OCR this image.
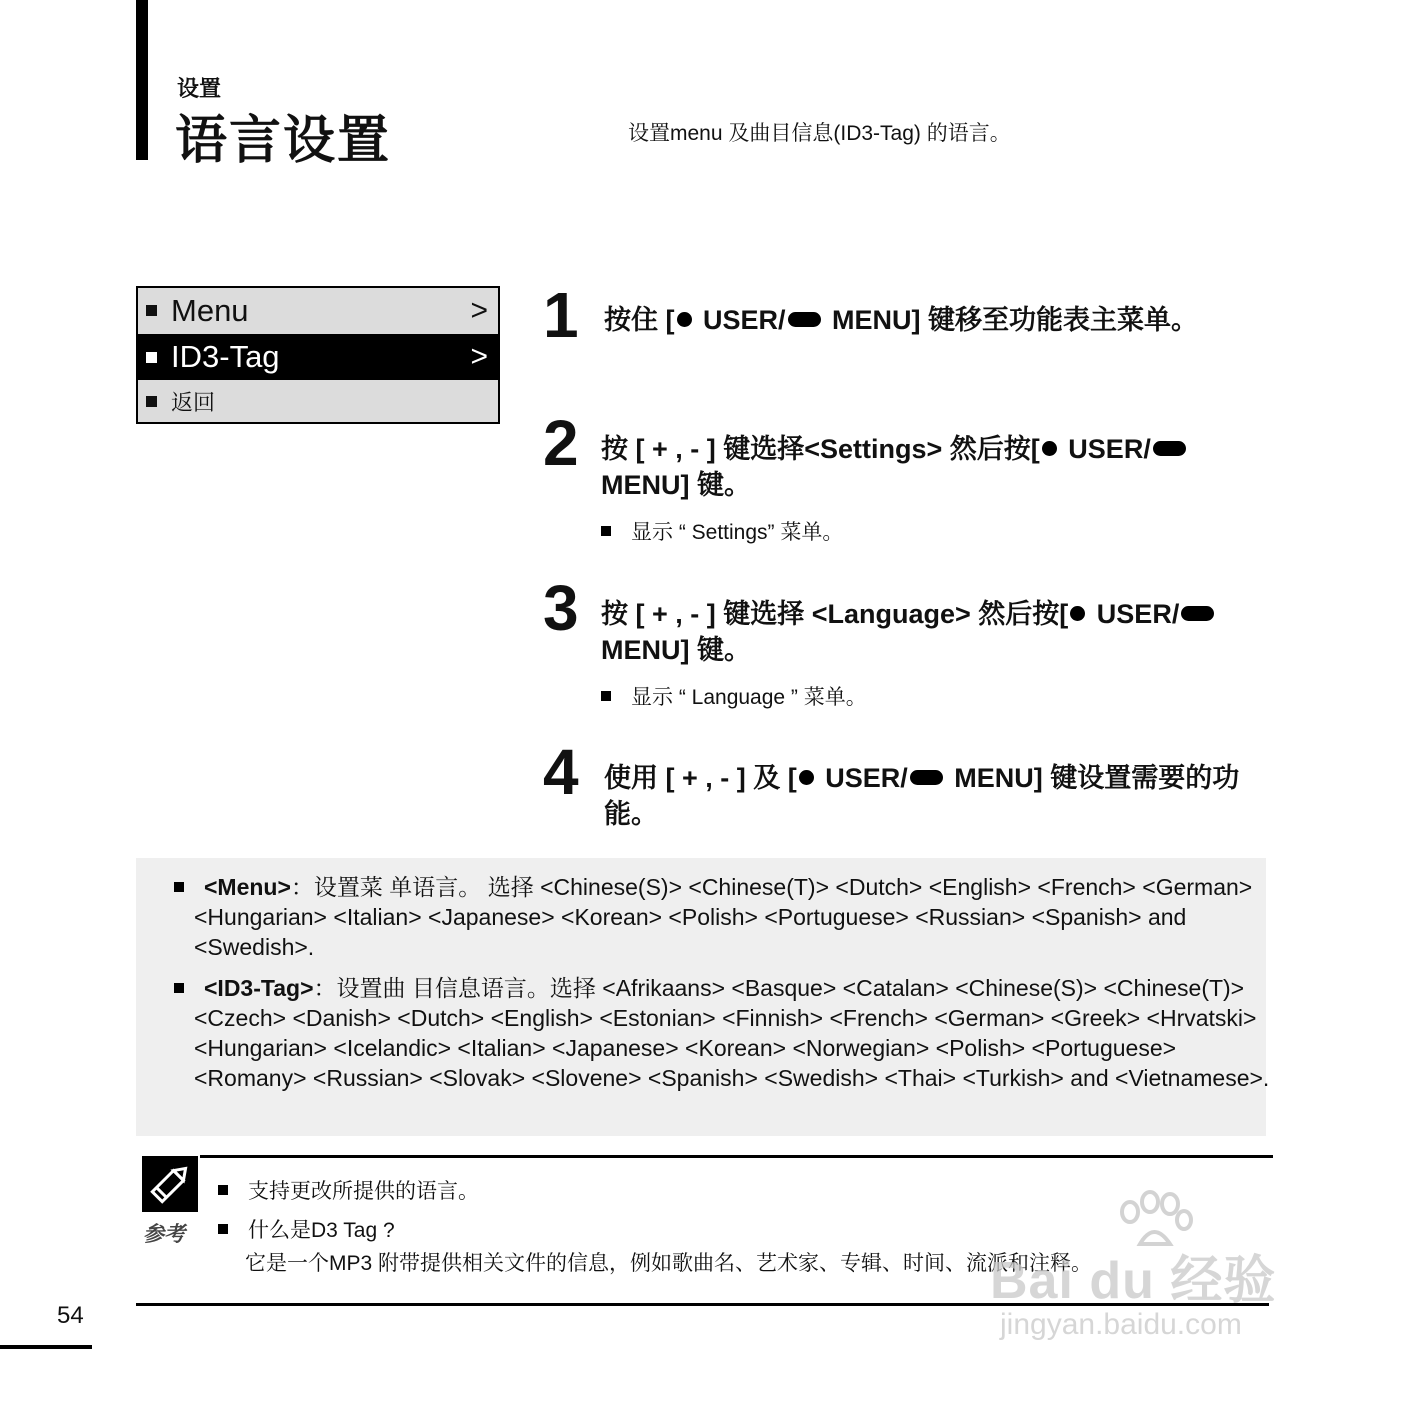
设置
语言设置	设置menu 及曲目信息(ID3-Tag) 的语言。
Menu	>
ID3-Tag	>
返回
1 按住 [ USER/ MENU] 键移至功能表主菜单。
2 按 [ + , - ] 键选择<Settings> 然后按[ USER/ MENU] 键。
显示 “ Settings” 菜单。
3 按 [ + , - ] 键选择 <Language> 然后按[ USER/ MENU] 键。
显示 “ Language ” 菜单。
4 使用 [ + , - ] 及 [ USER/ MENU] 键设置需要的功能。
<Menu>：设置菜 单语言。 选择 <Chinese(S)> <Chinese(T)> <Dutch> <English> <French> <German> <Hungarian> <Italian> <Japanese> <Korean> <Polish> <Portuguese> <Russian> <Spanish> and <Swedish>.
<ID3-Tag>：设置曲 目信息语言。选择 <Afrikaans> <Basque> <Catalan> <Chinese(S)> <Chinese(T)> <Czech> <Danish> <Dutch> <English> <Estonian> <Finnish> <French> <German> <Greek> <Hrvatski> <Hungarian> <Icelandic> <Italian> <Japanese> <Korean> <Norwegian> <Polish> <Portuguese> <Romany> <Russian> <Slovak> <Slovene> <Spanish> <Swedish> <Thai> <Turkish> and <Vietnamese>.
参考
支持更改所提供的语言。
什么是D3 Tag ?
它是一个MP3 附带提供相关文件的信息，例如歌曲名、艺术家、专辑、时间、流派和注释。
54
Bai du 经验
jingyan.baidu.com
